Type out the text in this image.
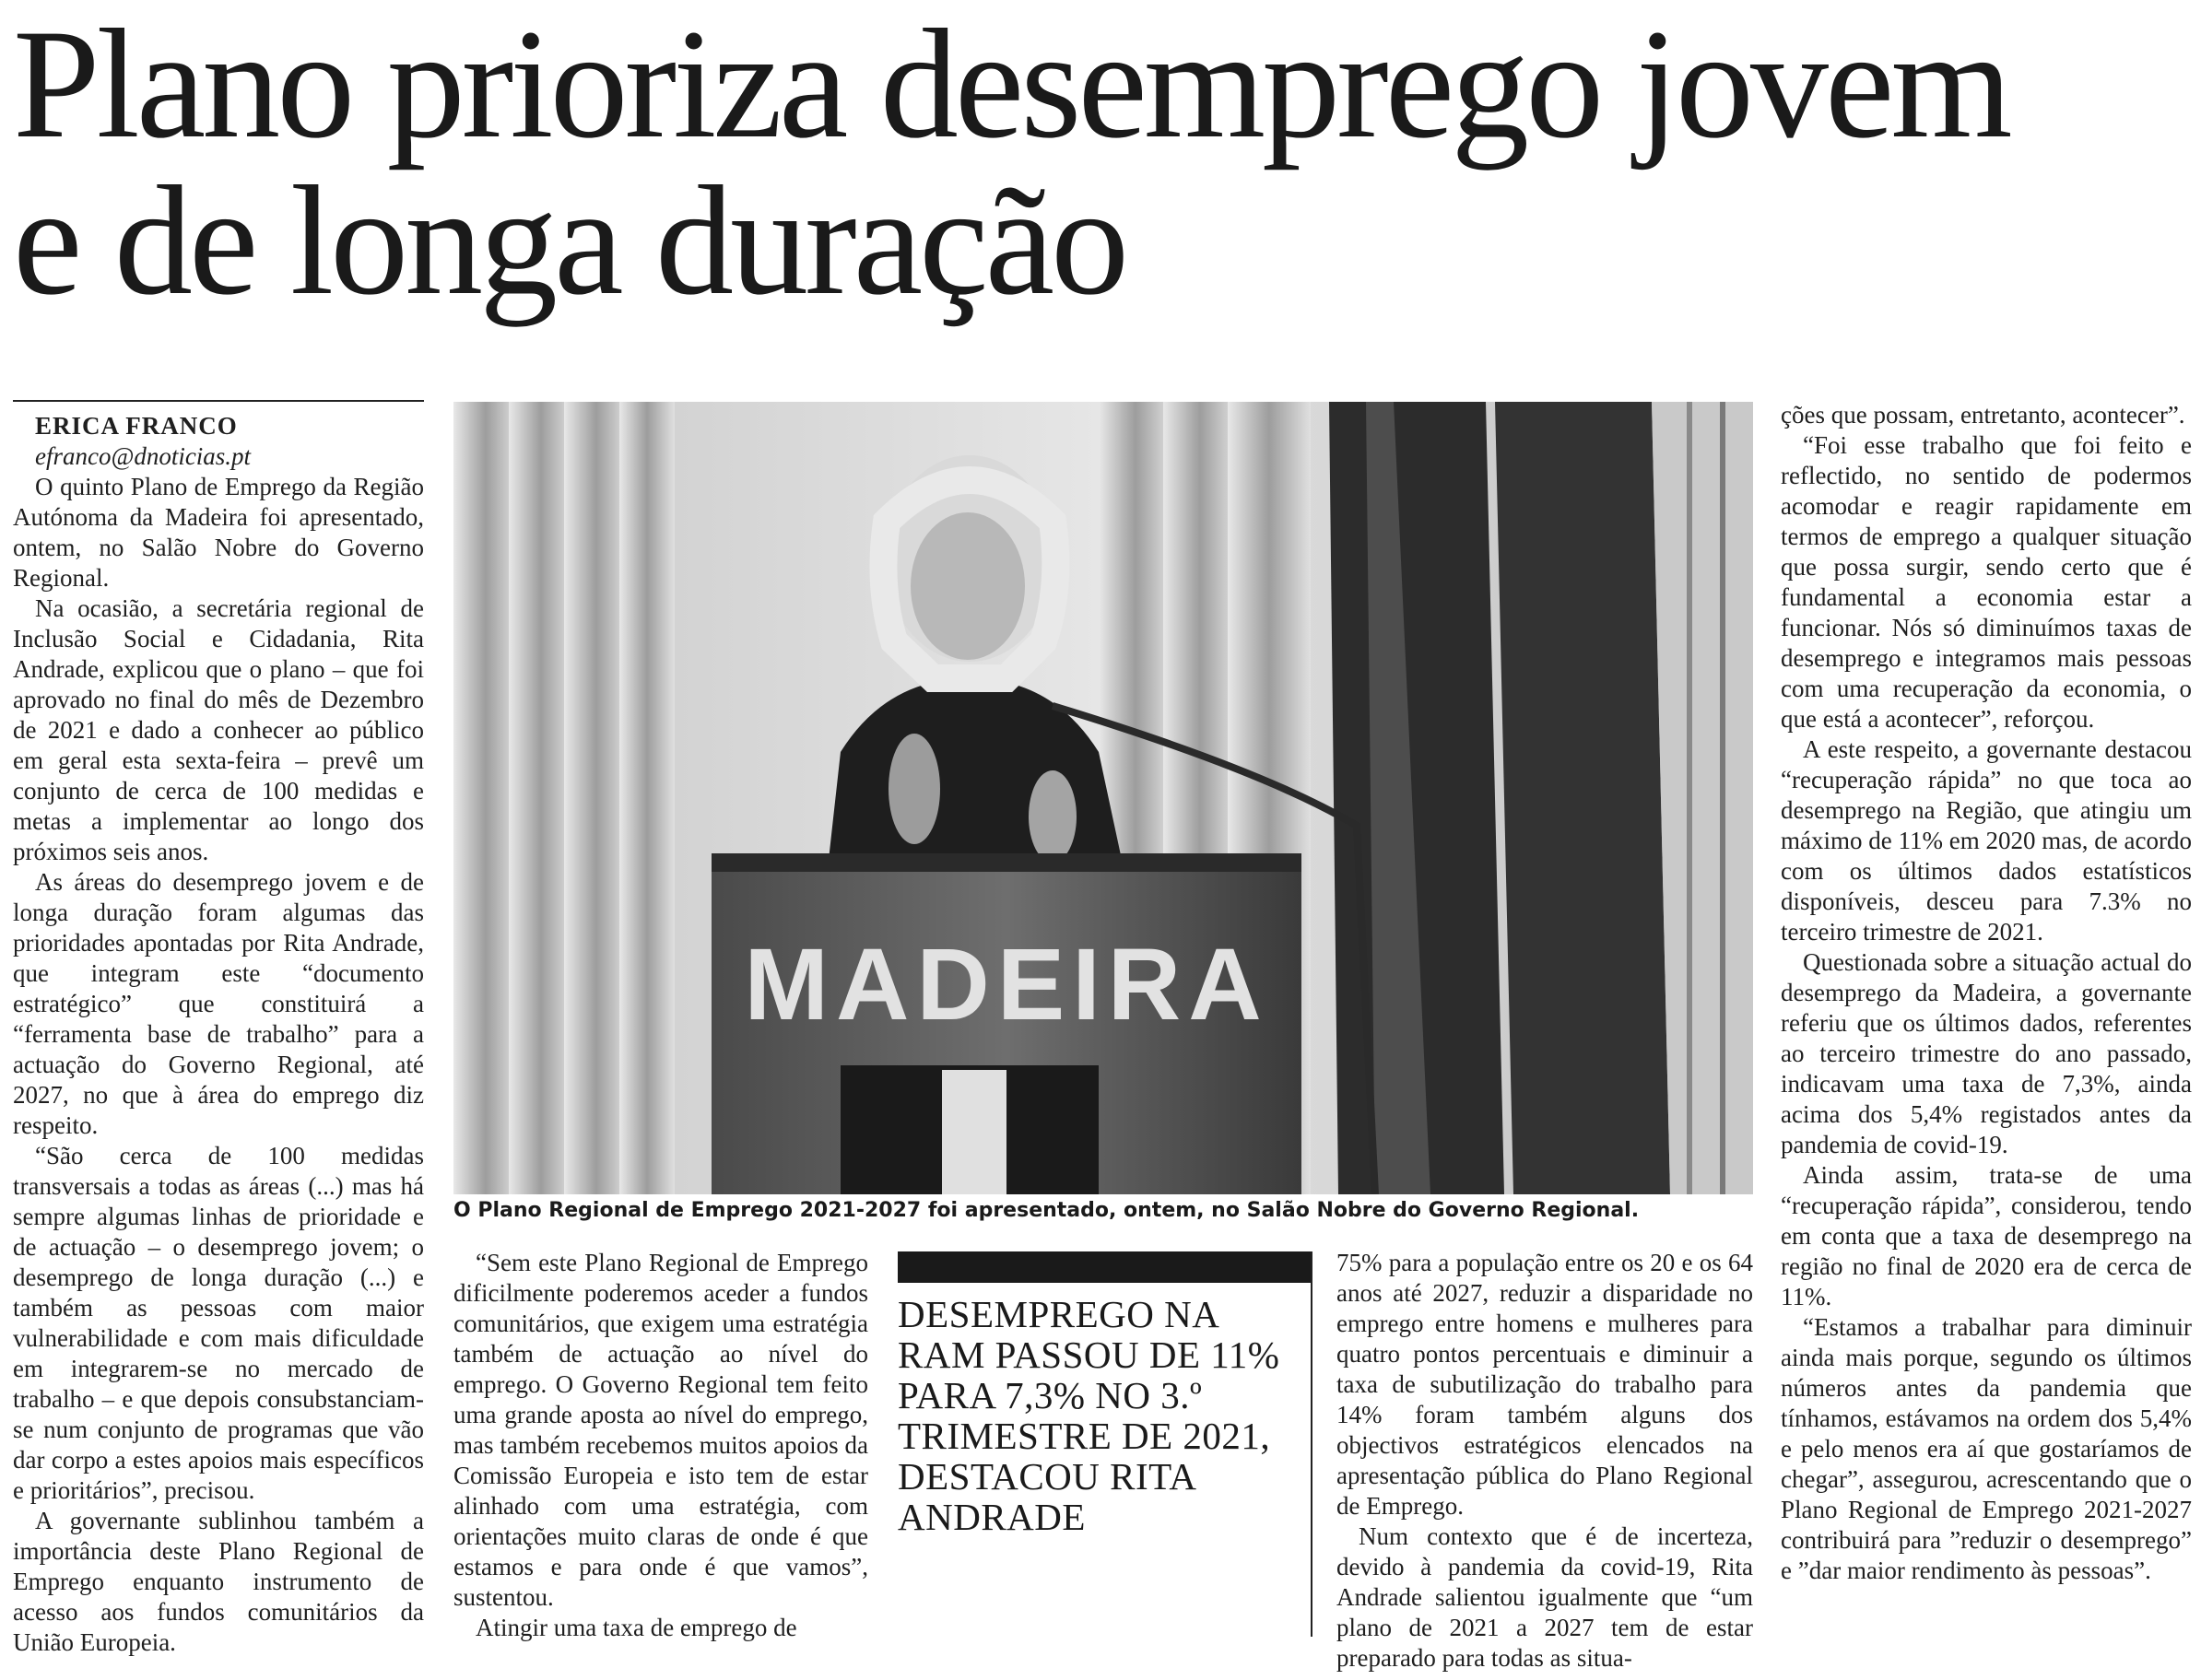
Plano prioriza desemprego jovem
e de longa duração

ERICA FRANCO

efranco@dnoticias.pt

O quinto Plano de Emprego da Região Autónoma da Madeira foi apresentado, ontem, no Salão Nobre do Governo Regional.

Na ocasião, a secretária regional de Inclusão Social e Cidadania, Rita Andrade, explicou que o plano – que foi aprovado no final do mês de Dezembro de 2021 e dado a conhecer ao público em geral esta sexta-feira – prevê um conjunto de cerca de 100 medidas e metas a implementar ao longo dos próximos seis anos.

As áreas do desemprego jovem e de longa duração foram algumas das prioridades apontadas por Rita Andrade, que integram este “documento estratégico” que constituirá a “ferramenta base de trabalho” para a actuação do Governo Regional, até 2027, no que à área do emprego diz respeito.

“São cerca de 100 medidas transversais a todas as áreas (...) mas há sempre algumas linhas de prioridade e de actuação – o desemprego jovem; o desemprego de longa duração (...) e também as pessoas com maior vulnerabilidade e com mais dificuldade em integrarem-se no mercado de trabalho – e que depois consubstanciam-se num conjunto de programas que vão dar corpo a estes apoios mais específicos e prioritários”, precisou.

A governante sublinhou também a importância deste Plano Regional de Emprego enquanto instrumento de acesso aos fundos comunitários da União Europeia.

MADEIRA
O Plano Regional de Emprego 2021-2027 foi apresentado, ontem, no Salão Nobre do Governo Regional.

“Sem este Plano Regional de Emprego dificilmente poderemos aceder a fundos comunitários, que exigem uma estratégia também de actuação ao nível do emprego. O Governo Regional tem feito uma grande aposta ao nível do emprego, mas também recebemos muitos apoios da Comissão Europeia e isto tem de estar alinhado com uma estratégia, com orientações muito claras de onde é que estamos e para onde é que vamos”, sustentou.

Atingir uma taxa de emprego de

DESEMPREGO NA RAM PASSOU DE 11% PARA 7,3% NO 3.º TRIMESTRE DE 2021, DESTACOU RITA ANDRADE

75% para a população entre os 20 e os 64 anos até 2027, reduzir a disparidade no emprego entre homens e mulheres para quatro pontos percentuais e diminuir a taxa de subutilização do trabalho para 14% foram também alguns dos objectivos estratégicos elencados na apresentação pública do Plano Regional de Emprego.

Num contexto que é de incerteza, devido à pandemia da covid-19, Rita Andrade salientou igualmente que “um plano de 2021 a 2027 tem de estar preparado para todas as situa-

ções que possam, entretanto, acontecer”.

“Foi esse trabalho que foi feito e reflectido, no sentido de podermos acomodar e reagir rapidamente em termos de emprego a qualquer situação que possa surgir, sendo certo que é fundamental a economia estar a funcionar. Nós só diminuímos taxas de desemprego e integramos mais pessoas com uma recuperação da economia, o que está a acontecer”, reforçou.

A este respeito, a governante destacou “recuperação rápida” no que toca ao desemprego na Região, que atingiu um máximo de 11% em 2020 mas, de acordo com os últimos dados estatísticos disponíveis, desceu para 7.3% no terceiro trimestre de 2021.

Questionada sobre a situação actual do desemprego da Madeira, a governante referiu que os últimos dados, referentes ao terceiro trimestre do ano passado, indicavam uma taxa de 7,3%, ainda acima dos 5,4% registados antes da pandemia de covid-19.

Ainda assim, trata-se de uma “recuperação rápida”, considerou, tendo em conta que a taxa de desemprego na região no final de 2020 era de cerca de 11%.

“Estamos a trabalhar para diminuir ainda mais porque, segundo os últimos números antes da pandemia que tínhamos, estávamos na ordem dos 5,4% e pelo menos era aí que gostaríamos de chegar”, assegurou, acrescentando que o Plano Regional de Emprego 2021-2027 contribuirá para ”reduzir o desemprego” e ”dar maior rendimento às pessoas”.
